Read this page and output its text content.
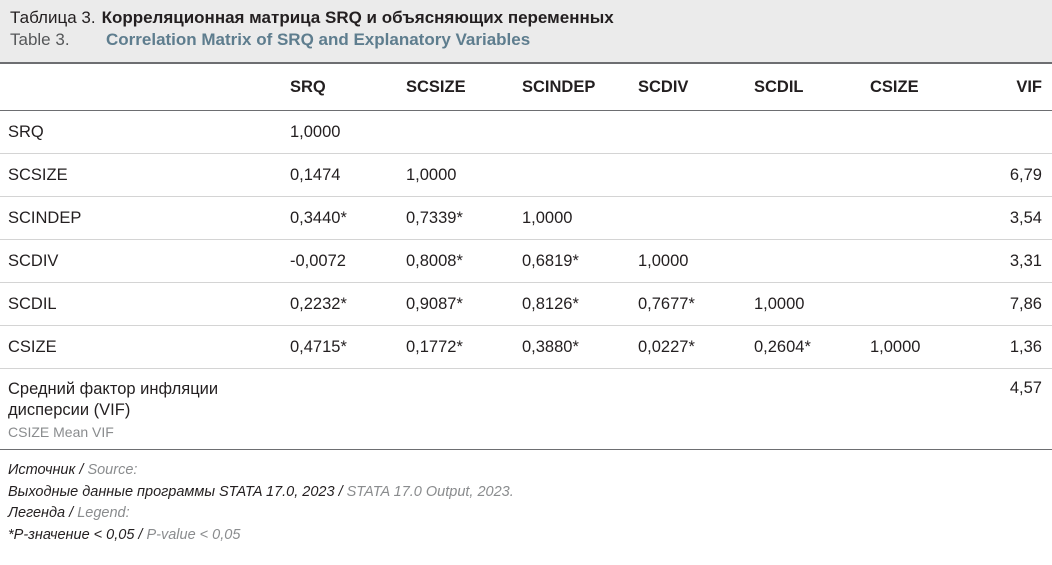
Таблица 3. Корреляционная матрица SRQ и объясняющих переменных
Table 3.	Correlation Matrix of SRQ and Explanatory Variables
	SRQ	SCSIZE	SCINDEP	SCDIV	SCDIL	CSIZE	VIF
SRQ	1,0000						
SCSIZE	0,1474	1,0000					6,79
SCINDEP	0,3440*	0,7339*	1,0000				3,54
SCDIV	-0,0072	0,8008*	0,6819*	1,0000			3,31
SCDIL	0,2232*	0,9087*	0,8126*	0,7677*	1,0000		7,86
CSIZE	0,4715*	0,1772*	0,3880*	0,0227*	0,2604*	1,0000	1,36

Средний фактор инфляции дисперсии (VIF)
CSIZE Mean VIF							4,57
Источник / Source:
Выходные данные программы STATA 17.0, 2023 / STATA 17.0 Output, 2023.
Легенда / Legend:
*P-значение < 0,05 / P-value < 0,05
